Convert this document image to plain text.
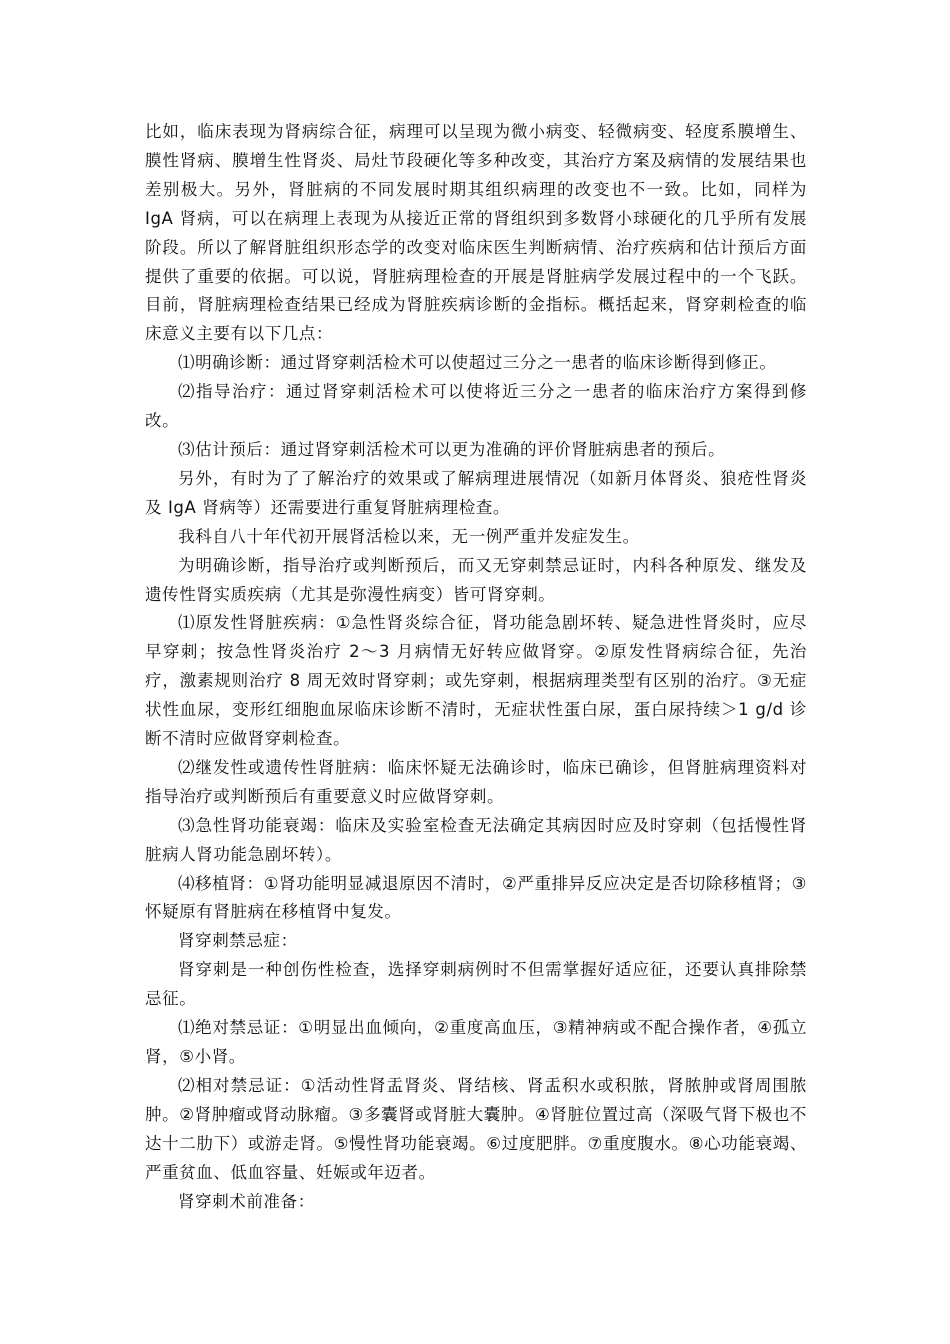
比如，临床表现为肾病综合征，病理可以呈现为微小病变、轻微病变、轻度系膜增生、膜性肾病、膜增生性肾炎、局灶节段硬化等多种改变，其治疗方案及病情的发展结果也差别极大。另外，肾脏病的不同发展时期其组织病理的改变也不一致。比如，同样为 IgA 肾病，可以在病理上表现为从接近正常的肾组织到多数肾小球硬化的几乎所有发展阶段。所以了解肾脏组织形态学的改变对临床医生判断病情、治疗疾病和估计预后方面提供了重要的依据。可以说，肾脏病理检查的开展是肾脏病学发展过程中的一个飞跃。目前，肾脏病理检查结果已经成为肾脏疾病诊断的金指标。概括起来，肾穿刺检查的临床意义主要有以下几点：

⑴明确诊断：通过肾穿刺活检术可以使超过三分之一患者的临床诊断得到修正。

⑵指导治疗：通过肾穿刺活检术可以使将近三分之一患者的临床治疗方案得到修改。

⑶估计预后：通过肾穿刺活检术可以更为准确的评价肾脏病患者的预后。

另外，有时为了了解治疗的效果或了解病理进展情况（如新月体肾炎、狼疮性肾炎及 IgA 肾病等）还需要进行重复肾脏病理检查。

我科自八十年代初开展肾活检以来，无一例严重并发症发生。

为明确诊断，指导治疗或判断预后，而又无穿刺禁忌证时，内科各种原发、继发及遗传性肾实质疾病（尤其是弥漫性病变）皆可肾穿刺。

⑴原发性肾脏疾病：①急性肾炎综合征，肾功能急剧坏转、疑急进性肾炎时，应尽早穿刺；按急性肾炎治疗 2～3 月病情无好转应做肾穿。②原发性肾病综合征，先治疗，激素规则治疗 8 周无效时肾穿刺；或先穿刺，根据病理类型有区别的治疗。③无症状性血尿，变形红细胞血尿临床诊断不清时，无症状性蛋白尿，蛋白尿持续＞1 g/d 诊断不清时应做肾穿刺检查。

⑵继发性或遗传性肾脏病：临床怀疑无法确诊时，临床已确诊，但肾脏病理资料对指导治疗或判断预后有重要意义时应做肾穿刺。

⑶急性肾功能衰竭：临床及实验室检查无法确定其病因时应及时穿刺（包括慢性肾脏病人肾功能急剧坏转）。

⑷移植肾：①肾功能明显减退原因不清时，②严重排异反应决定是否切除移植肾；③怀疑原有肾脏病在移植肾中复发。

肾穿刺禁忌症：

肾穿刺是一种创伤性检查，选择穿刺病例时不但需掌握好适应征，还要认真排除禁忌征。

⑴绝对禁忌证：①明显出血倾向，②重度高血压，③精神病或不配合操作者，④孤立肾，⑤小肾。

⑵相对禁忌证：①活动性肾盂肾炎、肾结核、肾盂积水或积脓，肾脓肿或肾周围脓肿。②肾肿瘤或肾动脉瘤。③多囊肾或肾脏大囊肿。④肾脏位置过高（深吸气肾下极也不达十二肋下）或游走肾。⑤慢性肾功能衰竭。⑥过度肥胖。⑦重度腹水。⑧心功能衰竭、严重贫血、低血容量、妊娠或年迈者。

肾穿刺术前准备：
